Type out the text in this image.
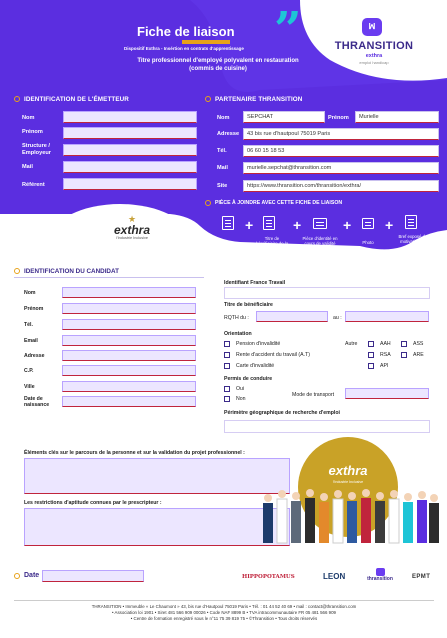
Fiche de liaison ”
Dispositif Exthra - Insértion en contrats d'apprentissage
Titre professionnel d'employé polyvalent en restauration
(commis de cuisine)
ꟽ
THRANSITION
exthra
emploi handicap
IDENTIFICATION DE L'ÉMETTEUR
Nom
Prénom
Structure / Employeur
Mail
Référent
PARTENAIRE THRANSITION
Nom	SEPCHAT	Prénom	Murielle
Adresse	43 bis rue d'hautpoul 75019 Paris
Tél.	06 60 15 18 53
Mail	murielle.sepchat@thransition.com
Site	https://www.thransition.com/thransition/exthra/
PIÈCE À JOINDRE AVEC CETTE FICHE DE LIAISON
+	+	+ +
CV
Titre de bénéficiaire de la loi de février 2005
Pièce d'identité en cours de validité	Photo
Bref exposé des motivations du candidat
★
exthra
l'Industrie Inclusive
IDENTIFICATION DU CANDIDAT
Nom
Prénom
Tél.
Email
Adresse
C.P.
Ville
Date de naissance
Identifiant France Travail
Titre de bénéficiaire
RQTH du :	au :
Orientation
Pension d'invalidité
Rente d'accident du travail (A.T)
Carte d'invalidité
Autre	AAH	ASS
RSA	ARE
API
Permis de conduire
Oui
Non
Mode de transport
Périmètre géographique de recherche d'emploi
Éléments clés sur le parcours de la personne et sur la validation du projet professionnel :
Les restrictions d'aptitude connues par le prescripteur :
exthra
l'Industrie Inclusive
Date	HIPPOPOTAMUS	LEON	thransition	EPMT
THRANSITION • Immeuble « Le Chaumont » 43, bis rue d'Hautpoul 75019 Paris • Tél. : 01 44 52 40 69 • mail : contact@thransition.com
• Association loi 1901 • Siret 481 566 909 00026 • Code NAF 8899 B • TVA intracommunautaire FR 05 481 566 909
• Centre de formation enregistré sous le n°11 75 39 819 75 • ©Thransition • Tous droits réservés
